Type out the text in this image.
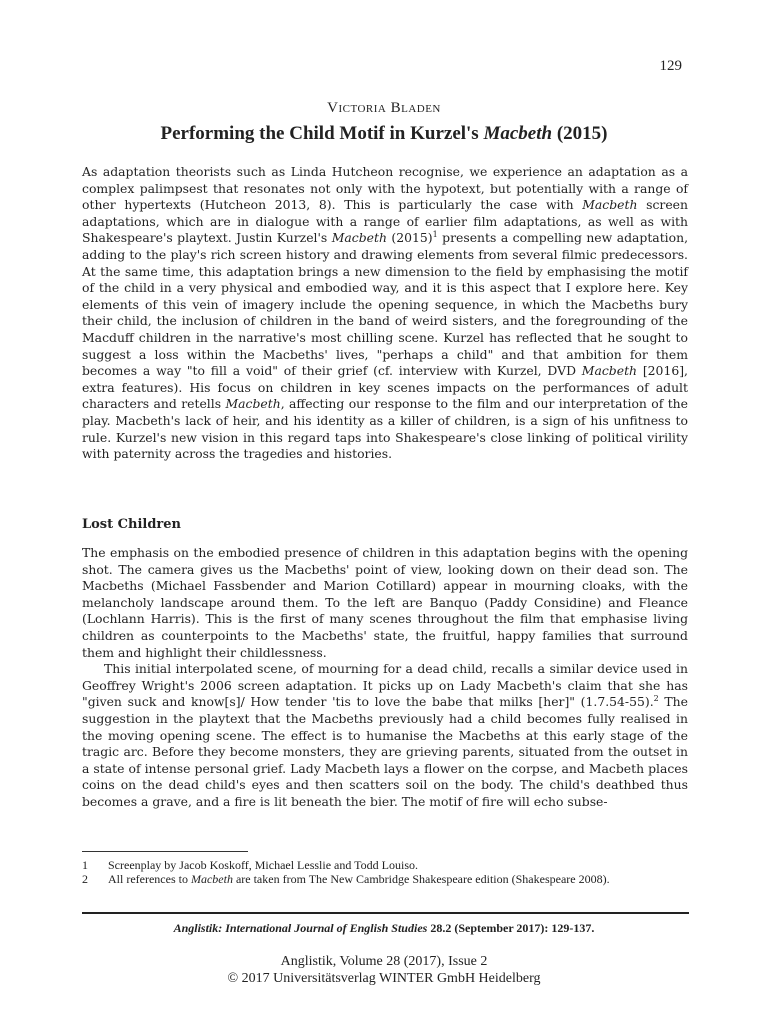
129
Victoria Bladen
Performing the Child Motif in Kurzel's Macbeth (2015)
As adaptation theorists such as Linda Hutcheon recognise, we experience an adaptation as a complex palimpsest that resonates not only with the hypotext, but potentially with a range of other hypertexts (Hutcheon 2013, 8). This is particularly the case with Macbeth screen adaptations, which are in dialogue with a range of earlier film adaptations, as well as with Shakespeare's playtext. Justin Kurzel's Macbeth $(2015)^1$ presents a compelling new adaptation, adding to the play's rich screen history and drawing elements from several filmic predecessors. At the same time, this adaptation brings a new dimension to the field by emphasising the motif of the child in a very physical and embodied way, and it is this aspect that I explore here. Key elements of this vein of imagery include the opening sequence, in which the Macbeths bury their child, the inclusion of children in the band of weird sisters, and the foregrounding of the Macduff children in the narrative's most chilling scene. Kurzel has reflected that he sought to suggest a loss within the Macbeths' lives, "perhaps a child" and that ambition for them becomes a way "to fill a void" of their grief (cf. interview with Kurzel, DVD Macbeth [2016], extra features). His focus on children in key scenes impacts on the performances of adult characters and retells Macbeth, affecting our response to the film and our interpretation of the play. Macbeth's lack of heir, and his identity as a killer of children, is a sign of his unfitness to rule. Kurzel's new vision in this regard taps into Shakespeare's close linking of political virility with paternity across the tragedies and histories.
Lost Children

The emphasis on the embodied presence of children in this adaptation begins with the opening shot. The camera gives us the Macbeths' point of view, looking down on their dead son. The Macbeths (Michael Fassbender and Marion Cotillard) appear in mourning cloaks, with the melancholy landscape around them. To the left are Banquo (Paddy Considine) and Fleance (Lochlann Harris). This is the first of many scenes throughout the film that emphasise living children as counterpoints to the Macbeths' state, the fruitful, happy families that surround them and highlight their childlessness.

This initial interpolated scene, of mourning for a dead child, recalls a similar device used in Geoffrey Wright's 2006 screen adaptation. It picks up on Lady Macbeth's claim that she has "given suck and know[s]/ How tender 'tis to love the babe that milks [her]" (1.7.54-55).$^2$ The suggestion in the playtext that the Macbeths previously had a child becomes fully realised in the moving opening scene. The effect is to humanise the Macbeths at this early stage of the tragic arc. Before they become monsters, they are grieving parents, situated from the outset in a state of intense personal grief. Lady Macbeth lays a flower on the corpse, and Macbeth places coins on the dead child's eyes and then scatters soil on the body. The child's deathbed thus becomes a grave, and a fire is lit beneath the bier. The motif of fire will echo subse-

1	Screenplay by Jacob Koskoff, Michael Lesslie and Todd Louiso.
2	All references to Macbeth are taken from The New Cambridge Shakespeare edition (Shakespeare 2008).
Anglistik: International Journal of English Studies 28.2 (September 2017): 129-137.
Anglistik, Volume 28 (2017), Issue 2
© 2017 Universitätsverlag WINTER GmbH Heidelberg
